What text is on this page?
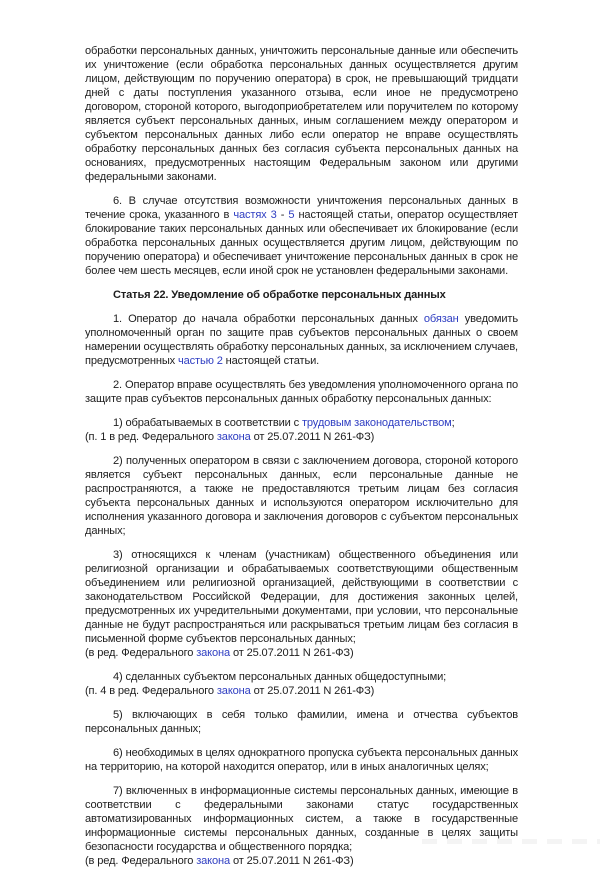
обработки персональных данных, уничтожить персональные данные или обеспечить их уничтожение (если обработка персональных данных осуществляется другим лицом, действующим по поручению оператора) в срок, не превышающий тридцати дней с даты поступления указанного отзыва, если иное не предусмотрено договором, стороной которого, выгодоприобретателем или поручителем по которому является субъект персональных данных, иным соглашением между оператором и субъектом персональных данных либо если оператор не вправе осуществлять обработку персональных данных без согласия субъекта персональных данных на основаниях, предусмотренных настоящим Федеральным законом или другими федеральными законами.

6. В случае отсутствия возможности уничтожения персональных данных в течение срока, указанного в частях 3 - 5 настоящей статьи, оператор осуществляет блокирование таких персональных данных или обеспечивает их блокирование (если обработка персональных данных осуществляется другим лицом, действующим по поручению оператора) и обеспечивает уничтожение персональных данных в срок не более чем шесть месяцев, если иной срок не установлен федеральными законами.

Статья 22. Уведомление об обработке персональных данных

1. Оператор до начала обработки персональных данных обязан уведомить уполномоченный орган по защите прав субъектов персональных данных о своем намерении осуществлять обработку персональных данных, за исключением случаев, предусмотренных частью 2 настоящей статьи.

2. Оператор вправе осуществлять без уведомления уполномоченного органа по защите прав субъектов персональных данных обработку персональных данных:

1) обрабатываемых в соответствии с трудовым законодательством;

(п. 1 в ред. Федерального закона от 25.07.2011 N 261-ФЗ)

2) полученных оператором в связи с заключением договора, стороной которого является субъект персональных данных, если персональные данные не распространяются, а также не предоставляются третьим лицам без согласия субъекта персональных данных и используются оператором исключительно для исполнения указанного договора и заключения договоров с субъектом персональных данных;

3) относящихся к членам (участникам) общественного объединения или религиозной организации и обрабатываемых соответствующими общественным объединением или религиозной организацией, действующими в соответствии с законодательством Российской Федерации, для достижения законных целей, предусмотренных их учредительными документами, при условии, что персональные данные не будут распространяться или раскрываться третьим лицам без согласия в письменной форме субъектов персональных данных;

(в ред. Федерального закона от 25.07.2011 N 261-ФЗ)

4) сделанных субъектом персональных данных общедоступными;

(п. 4 в ред. Федерального закона от 25.07.2011 N 261-ФЗ)

5) включающих в себя только фамилии, имена и отчества субъектов персональных данных;

6) необходимых в целях однократного пропуска субъекта персональных данных на территорию, на которой находится оператор, или в иных аналогичных целях;

7) включенных в информационные системы персональных данных, имеющие в соответствии с федеральными законами статус государственных автоматизированных информационных систем, а также в государственные информационные системы персональных данных, созданные в целях защиты безопасности государства и общественного порядка;

(в ред. Федерального закона от 25.07.2011 N 261-ФЗ)
